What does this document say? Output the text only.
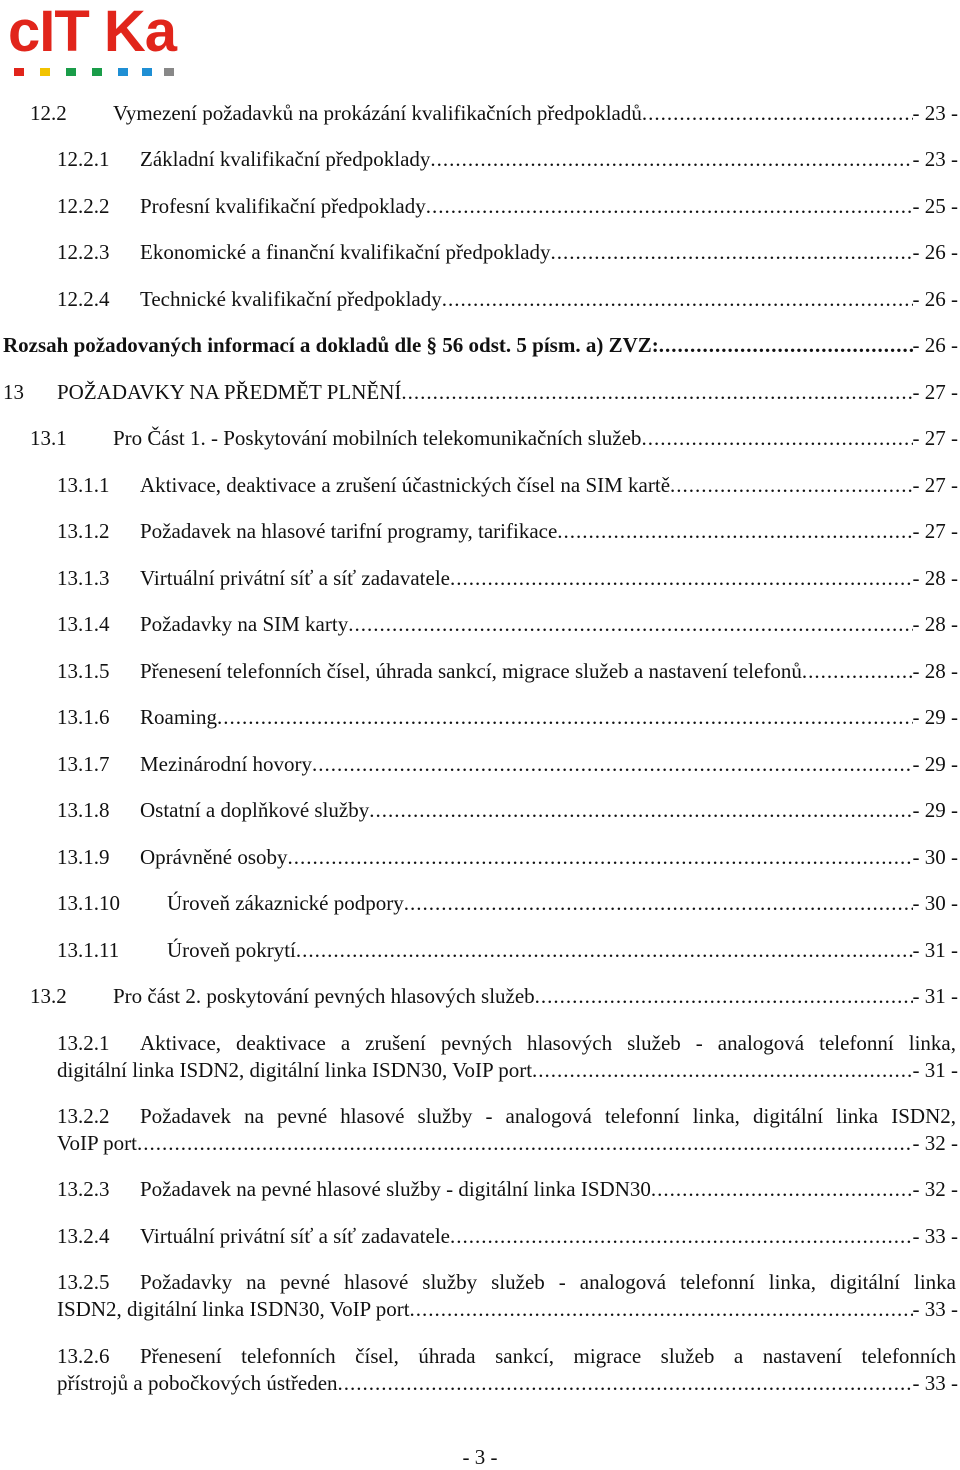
cIT Ka
12.2 Vymezení požadavků na prokázání kvalifikačních předpokladů .....	- 23 -
12.2.1 Základní kvalifikační předpoklady .....	- 23 -
12.2.2 Profesní kvalifikační předpoklady .....	- 25 -
12.2.3 Ekonomické a finanční kvalifikační předpoklady .....	- 26 -
12.2.4 Technické kvalifikační předpoklady .....	- 26 -
Rozsah požadovaných informací a dokladů dle § 56 odst. 5 písm. a) ZVZ: .....	- 26 -
13 POŽADAVKY NA PŘEDMĚT PLNĚNÍ .....	- 27 -
13.1 Pro Část 1. - Poskytování mobilních telekomunikačních služeb .....	- 27 -
13.1.1 Aktivace, deaktivace a zrušení účastnických čísel na SIM kartě .....	- 27 -
13.1.2 Požadavek na hlasové tarifní programy, tarifikace .....	- 27 -
13.1.3 Virtuální privátní síť a síť zadavatele .....	- 28 -
13.1.4 Požadavky na SIM karty .....	- 28 -
13.1.5 Přenesení telefonních čísel, úhrada sankcí, migrace služeb a nastavení telefonů .....	- 28 -
13.1.6 Roaming .....	- 29 -
13.1.7 Mezinárodní hovory .....	- 29 -
13.1.8 Ostatní a doplňkové služby .....	- 29 -
13.1.9 Oprávněné osoby .....	- 30 -
13.1.10 Úroveň zákaznické podpory .....	- 30 -
13.1.11 Úroveň pokrytí .....	- 31 -
13.2 Pro část 2. poskytování pevných hlasových služeb .....	- 31 -
13.2.1 Aktivace, deaktivace a zrušení pevných hlasových služeb - analogová telefonní linka,
digitální linka ISDN2, digitální linka ISDN30, VoIP port .....	- 31 -
13.2.2 Požadavek na pevné hlasové služby - analogová telefonní linka, digitální linka ISDN2,
VoIP port .....	- 32 -
13.2.3 Požadavek na pevné hlasové služby - digitální linka ISDN30 .....	- 32 -
13.2.4 Virtuální privátní síť a síť zadavatele .....	- 33 -
13.2.5 Požadavky na pevné hlasové služby služeb - analogová telefonní linka, digitální linka
ISDN2, digitální linka ISDN30, VoIP port .....	- 33 -
13.2.6 Přenesení telefonních čísel, úhrada sankcí, migrace služeb a nastavení telefonních
přístrojů a pobočkových ústředen .....	- 33 -
- 3 -
